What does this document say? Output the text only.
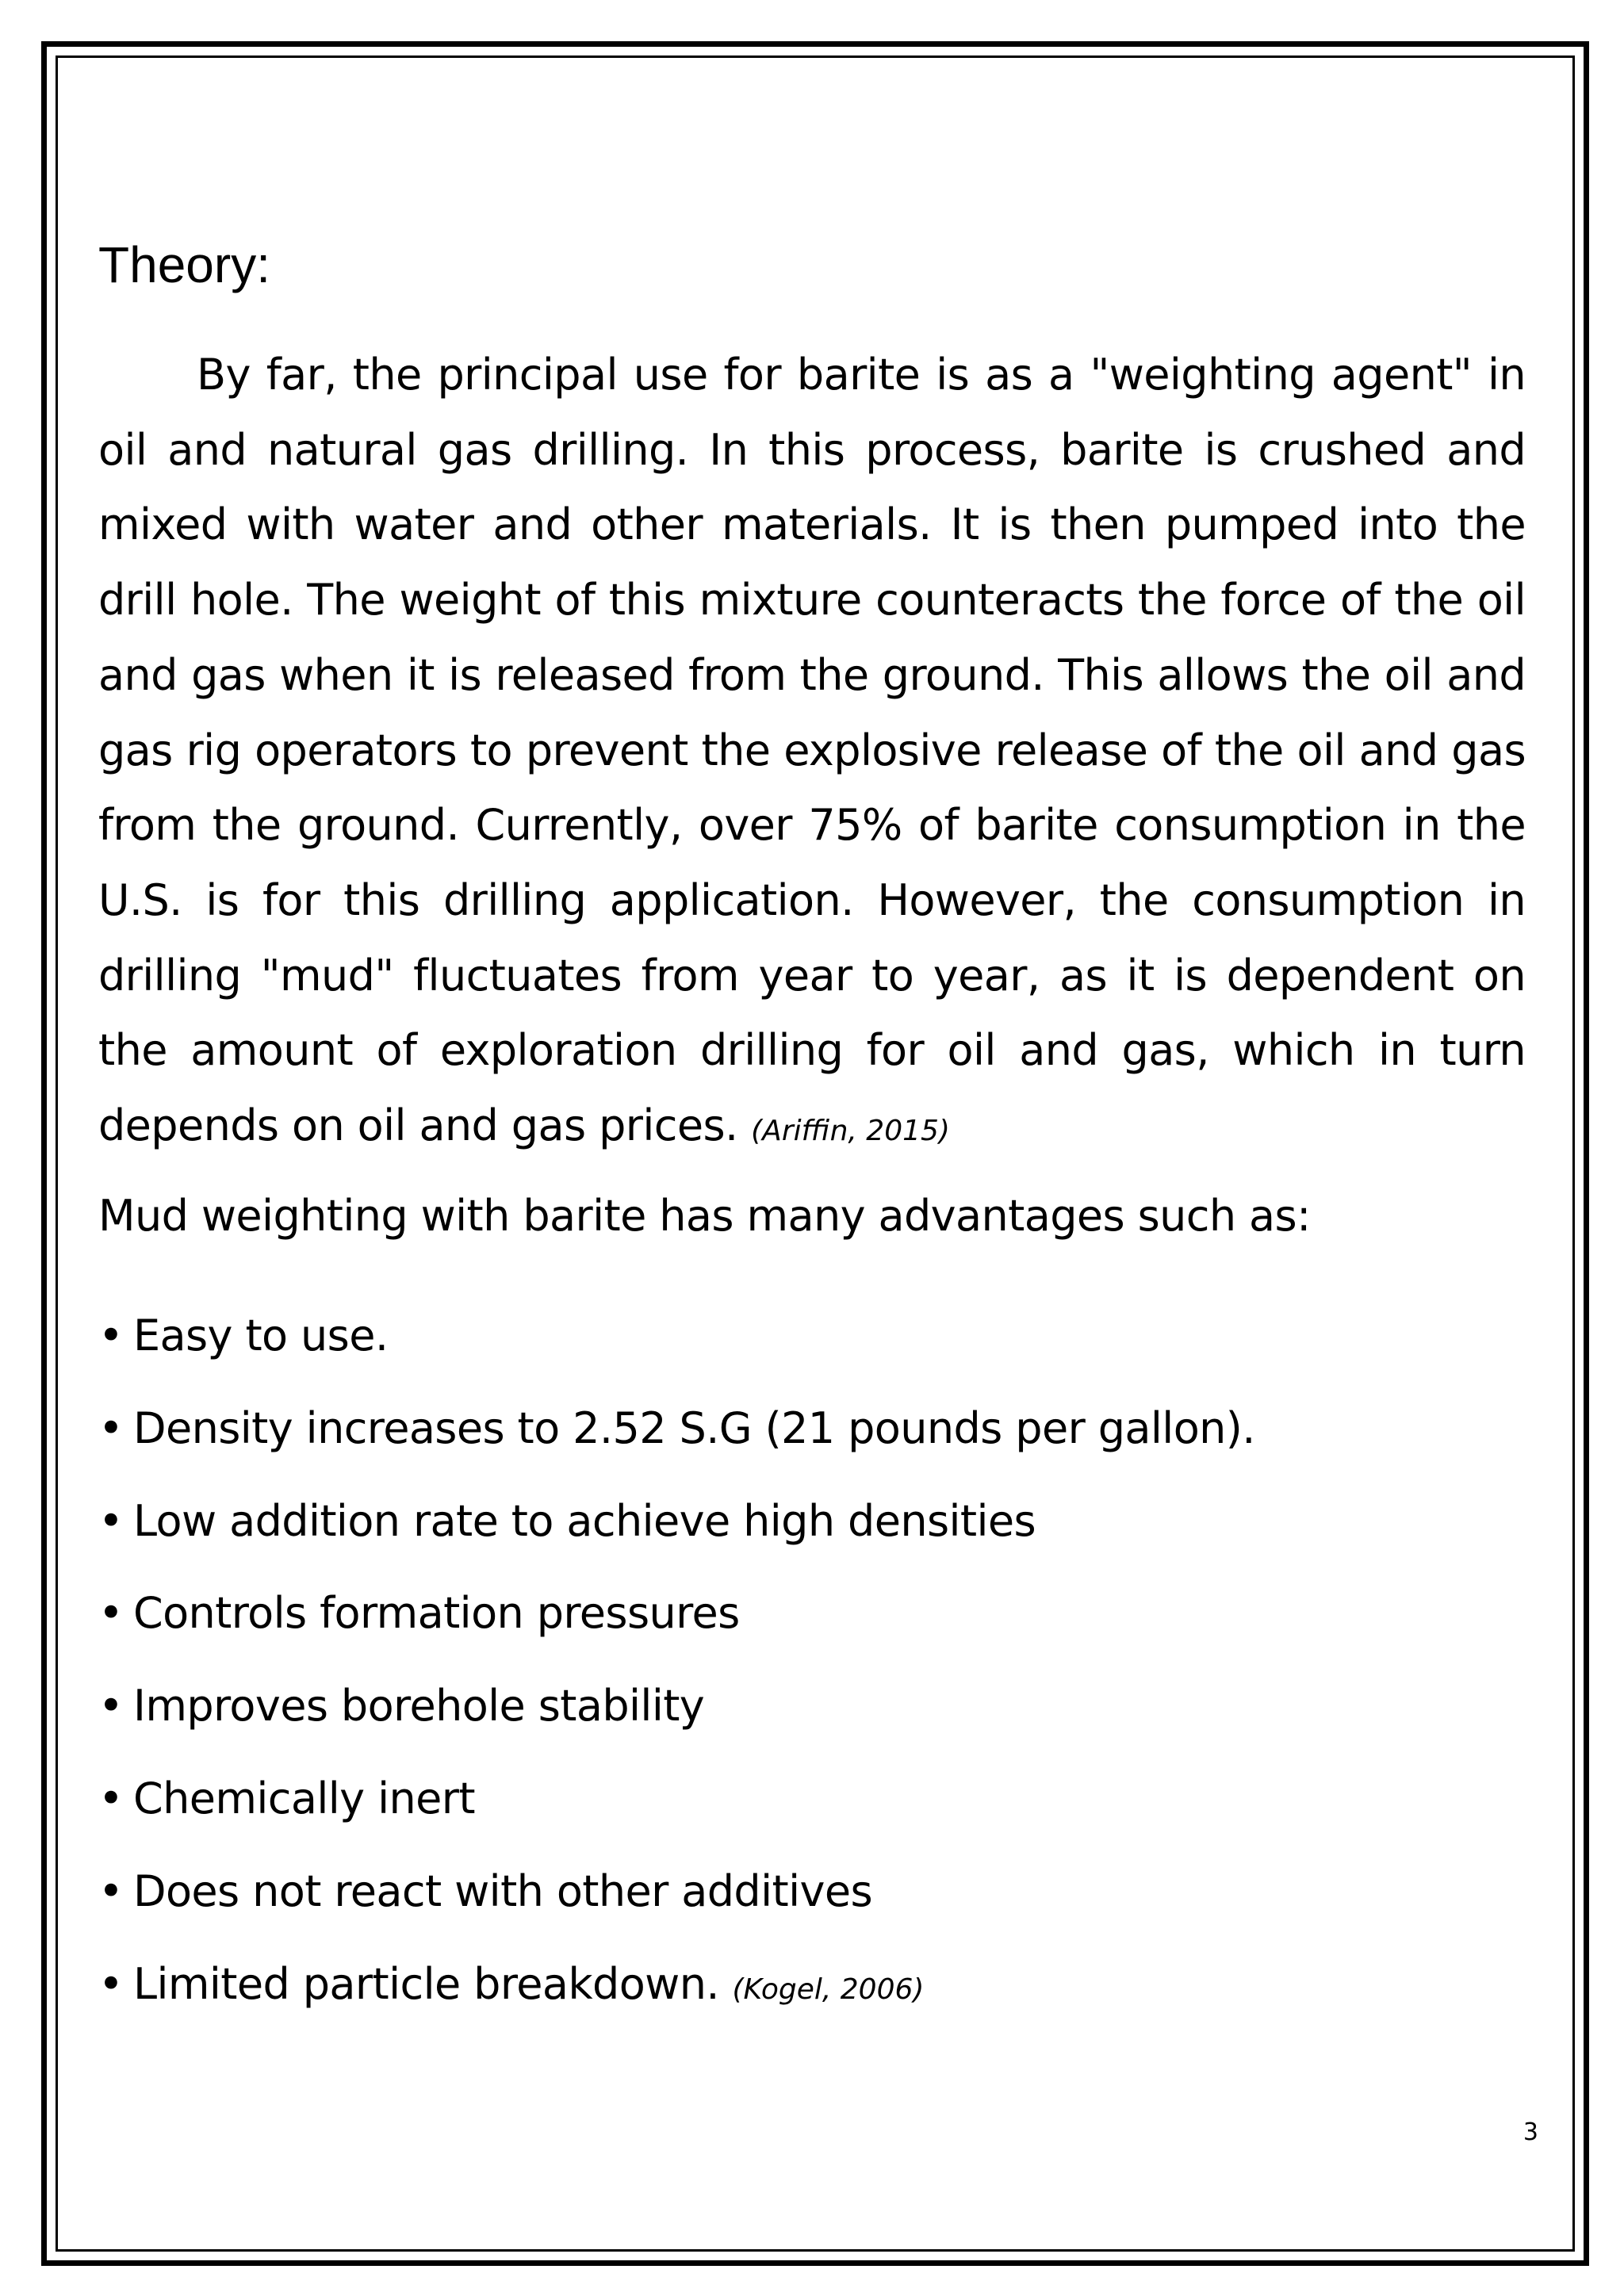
Theory:

By far, the principal use for barite is as a "weighting agent" in oil and natural gas drilling. In this process, barite is crushed and mixed with water and other materials. It is then pumped into the drill hole. The weight of this mixture counteracts the force of the oil and gas when it is released from the ground. This allows the oil and gas rig operators to prevent the explosive release of the oil and gas from the ground. Currently, over 75% of barite consumption in the U.S. is for this drilling application. However, the consumption in drilling "mud" fluctuates from year to year, as it is dependent on the amount of exploration drilling for oil and gas, which in turn depends on oil and gas prices. (Ariffin, 2015)

Mud weighting with barite has many advantages such as:

• Easy to use.
• Density increases to 2.52 S.G (21 pounds per gallon).
• Low addition rate to achieve high densities
• Controls formation pressures
• Improves borehole stability
• Chemically inert
• Does not react with other additives
• Limited particle breakdown. (Kogel, 2006)
3
